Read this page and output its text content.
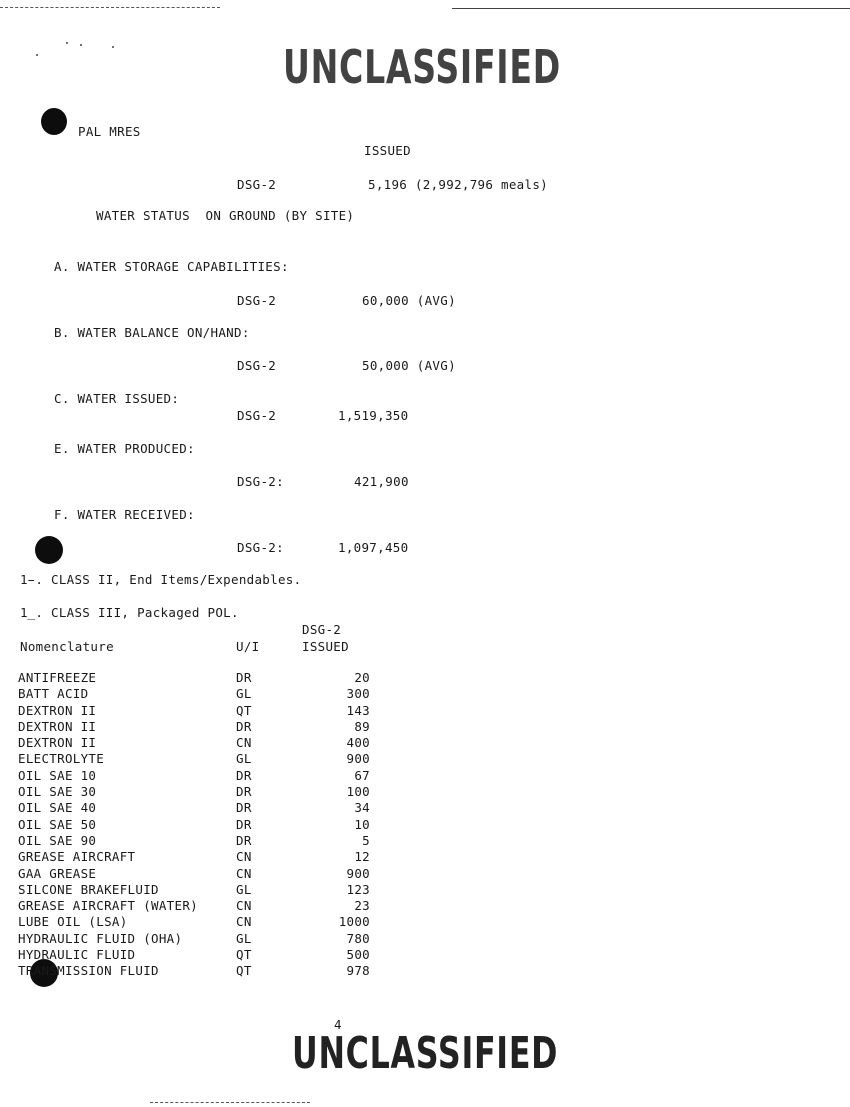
UNCLASSIFIED
PAL MRES
ISSUED
DSG-2	5,196 (2,992,796 meals)
WATER STATUS  ON GROUND (BY SITE)
A. WATER STORAGE CAPABILITIES:
DSG-2	60,000 (AVG)
B. WATER BALANCE ON/HAND:
DSG-2	50,000 (AVG)
C. WATER ISSUED:
DSG-2	1,519,350
E. WATER PRODUCED:
DSG-2:	421,900
F. WATER RECEIVED:
DSG-2:	1,097,450
1̵. CLASS II, End Items/Expendables.
1̲. CLASS III, Packaged POL.
DSG-2
Nomenclature	U/I	ISSUED
ANTIFREEZE	DR	20
BATT ACID	GL	300
DEXTRON II	QT	143
DEXTRON II	DR	89
DEXTRON II	CN	400
ELECTROLYTE	GL	900
OIL SAE 10	DR	67
OIL SAE 30	DR	100
OIL SAE 40	DR	34
OIL SAE 50	DR	10
OIL SAE 90	DR	5
GREASE AIRCRAFT	CN	12
GAA GREASE	CN	900
SILCONE BRAKEFLUID	GL	123
GREASE AIRCRAFT (WATER)	CN	23
LUBE OIL (LSA)	CN	1000
HYDRAULIC FLUID (OHA)	GL	780
HYDRAULIC FLUID	QT	500
TRANSMISSION FLUID	QT	978
4
UNCLASSIFIED
